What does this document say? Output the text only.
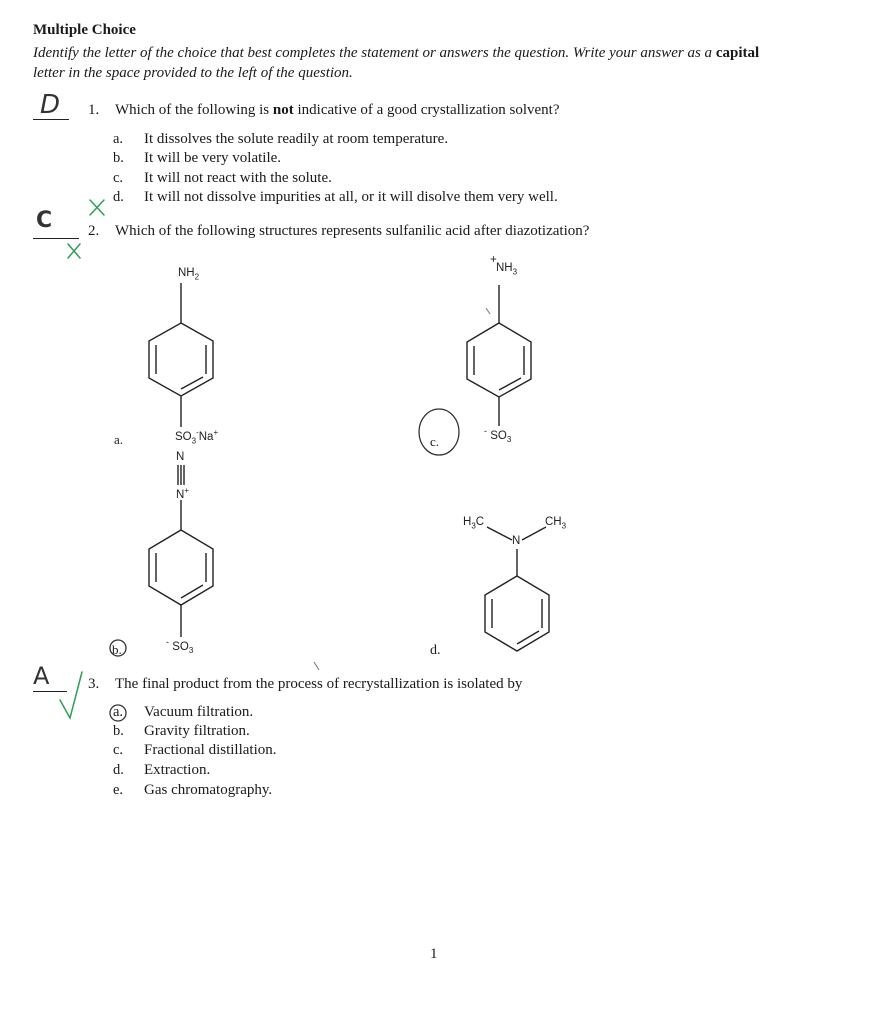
Multiple Choice
Identify the letter of the choice that best completes the statement or answers the question. Write your answer as a capital
letter in the space provided to the left of the question.
D 1. Which of the following is not indicative of a good crystallization solvent?
a. It dissolves the solute readily at room temperature.
b. It will be very volatile.
c. It will not react with the solute.
d. It will not dissolve impurities at all, or it will disolve them very well.
C 2. Which of the following structures represents sulfanilic acid after diazotization?
$NH_2$
$SO_3^-Na^+$
a.
N
N+
- $SO_3$
b.
+
$NH_3$
- $SO_3$
c.
$H_3C$	$CH_3$
N
d.
A	3. The final product from the process of recrystallization is isolated by
a. Vacuum filtration.
b. Gravity filtration.
c. Fractional distillation.
d. Extraction.
e. Gas chromatography.
1
